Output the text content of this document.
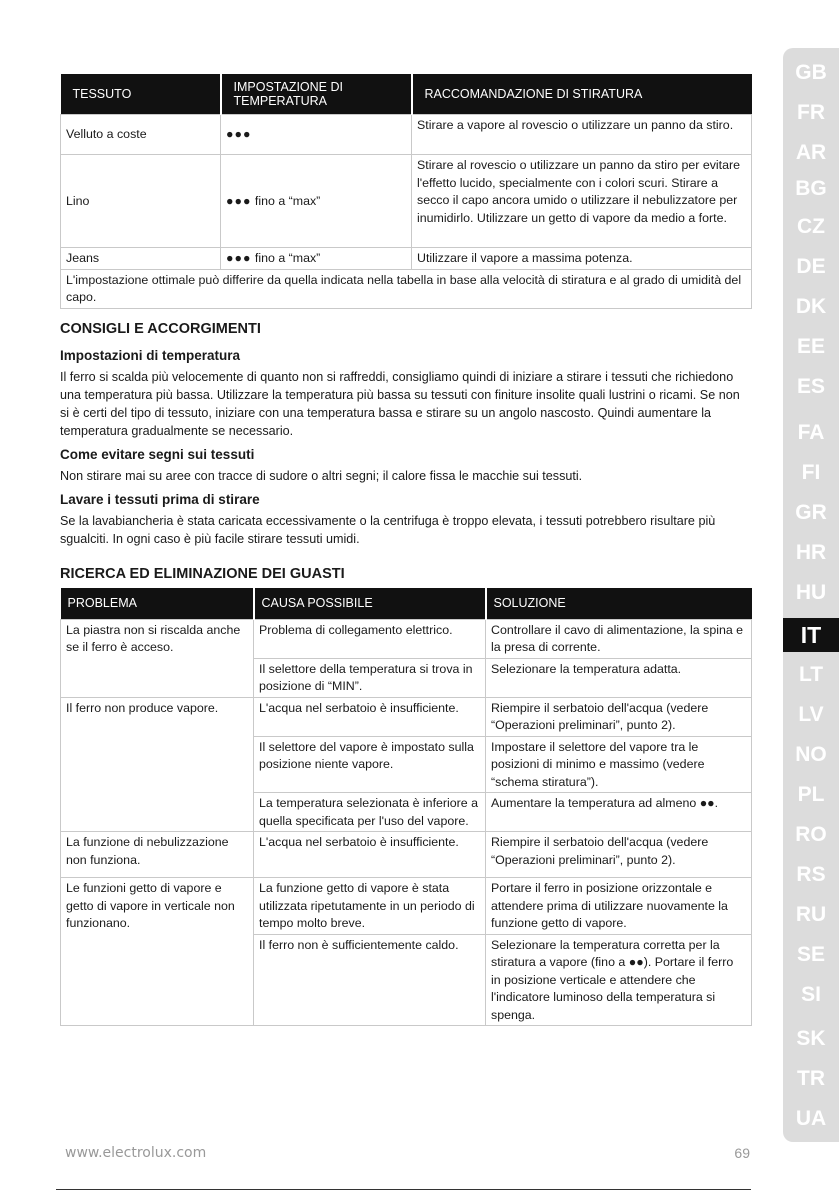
TESSUTO	IMPOSTAZIONE DI TEMPERATURA	RACCOMANDAZIONE DI STIRATURA
Velluto a coste	●●●	Stirare a vapore al rovescio o utilizzare un panno da stiro.
Lino	●●● fino a “max”	Stirare al rovescio o utilizzare un panno da stiro per evitare l'effetto lucido, specialmente con i colori scuri. Stirare a secco il capo ancora umido o utilizzare il nebulizzatore per inumidirlo. Utilizzare un getto di vapore da medio a forte.
Jeans	●●● fino a “max”	Utilizzare il vapore a massima potenza.
L'impostazione ottimale può differire da quella indicata nella tabella in base alla velocità di stiratura e al grado di umidità del capo.		
CONSIGLI E ACCORGIMENTI
Impostazioni di temperatura

Il ferro si scalda più velocemente di quanto non si raffreddi, consigliamo quindi di iniziare a stirare i tessuti che richiedono una temperatura più bassa. Utilizzare la temperatura più bassa su tessuti con finiture insolite quali lustrini o ricami. Se non si è certi del tipo di tessuto, iniziare con una temperatura bassa e stirare su un angolo nascosto. Quindi aumentare la temperatura gradualmente se necessario.

Come evitare segni sui tessuti

Non stirare mai su aree con tracce di sudore o altri segni; il calore fissa le macchie sui tessuti.

Lavare i tessuti prima di stirare

Se la lavabiancheria è stata caricata eccessivamente o la centrifuga è troppo elevata, i tessuti potrebbero risultare più sgualciti. In ogni caso è più facile stirare tessuti umidi.

RICERCA ED ELIMINAZIONE DEI GUASTI
PROBLEMA	CAUSA POSSIBILE	SOLUZIONE
La piastra non si riscalda anche se il ferro è acceso.	Problema di collegamento elettrico.	Controllare il cavo di alimentazione, la spina e la presa di corrente.
	Il selettore della temperatura si trova in posizione di “MIN”.	Selezionare la temperatura adatta.
Il ferro non produce vapore.	L'acqua nel serbatoio è insufficiente.	Riempire il serbatoio dell'acqua (vedere “Operazioni preliminari”, punto 2).
	Il selettore del vapore è impostato sulla posizione niente vapore.	Impostare il selettore del vapore tra le posizioni di minimo e massimo (vedere “schema stiratura”).
	La temperatura selezionata è inferiore a quella specificata per l'uso del vapore.	Aumentare la temperatura ad almeno ●●.
La funzione di nebulizzazione non funziona.	L'acqua nel serbatoio è insufficiente.	Riempire il serbatoio dell'acqua (vedere “Operazioni preliminari”, punto 2).
Le funzioni getto di vapore e getto di vapore in verticale non funzionano.	La funzione getto di vapore è stata utilizzata ripetutamente in un periodo di tempo molto breve.	Portare il ferro in posizione orizzontale e attendere prima di utilizzare nuovamente la funzione getto di vapore.
	Il ferro non è sufficientemente caldo.	Selezionare la temperatura corretta per la stiratura a vapore (fino a ●●). Portare il ferro in posizione verticale e attendere che l'indicatore luminoso della temperatura si spenga.
GB
FR
AR
BG
CZ
DE
DK
EE
ES
FA
FI
GR
HR
HU
IT
LT
LV
NO
PL
RO
RS
RU
SE
SI
SK
TR
UA
www.electrolux.com	69
